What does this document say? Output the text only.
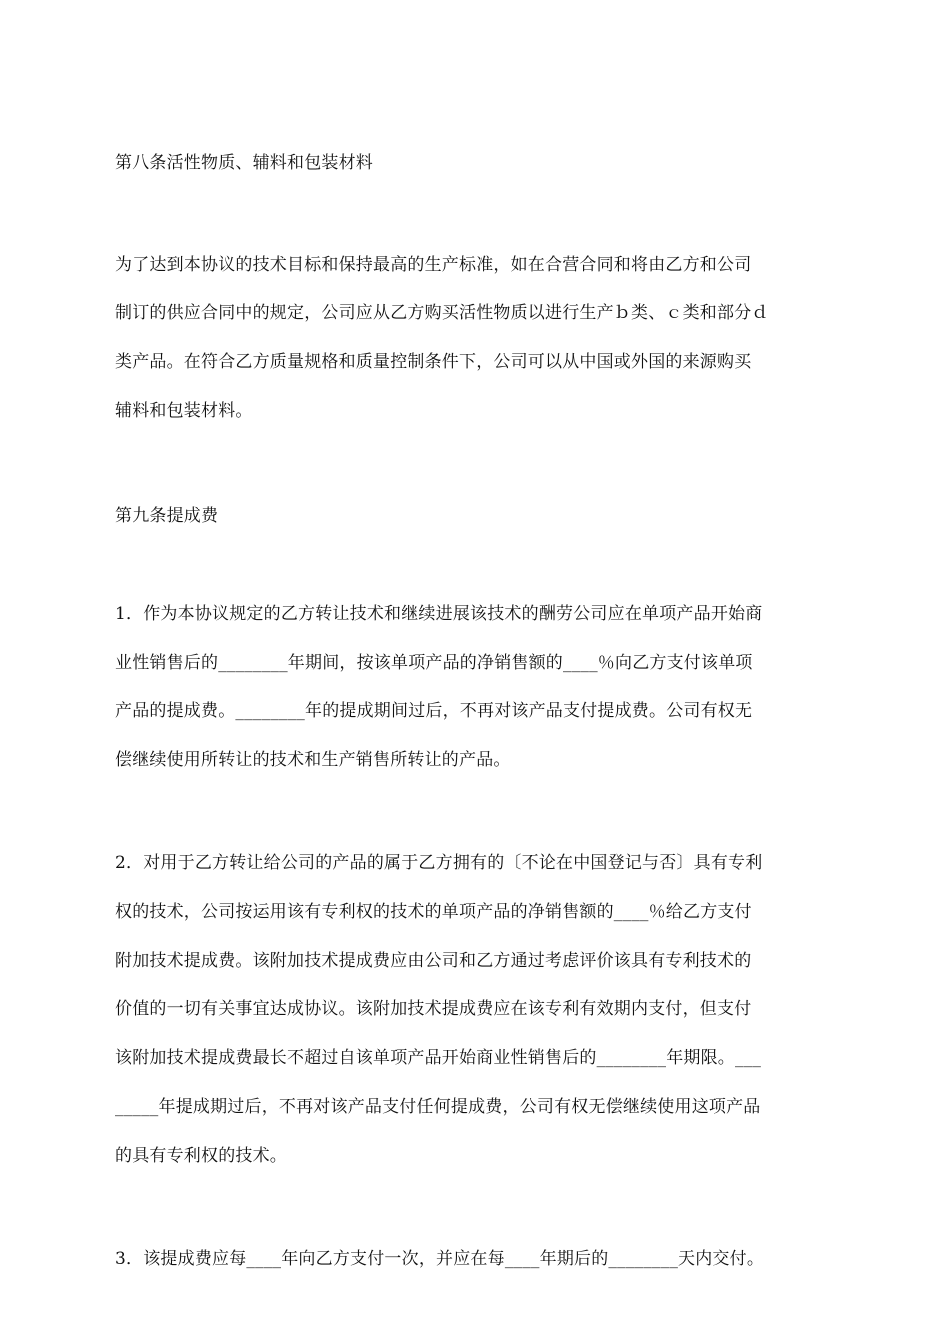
第八条活性物质、辅料和包装材料
为了达到本协议的技术目标和保持最高的生产标准，如在合营合同和将由乙方和公司
制订的供应合同中的规定，公司应从乙方购买活性物质以进行生产ｂ类、ｃ类和部分ｄ
类产品。在符合乙方质量规格和质量控制条件下，公司可以从中国或外国的来源购买
辅料和包装材料。
第九条提成费
1．作为本协议规定的乙方转让技术和继续进展该技术的酬劳公司应在单项产品开始商
业性销售后的________年期间，按该单项产品的净销售额的____％向乙方支付该单项
产品的提成费。________年的提成期间过后，不再对该产品支付提成费。公司有权无
偿继续使用所转让的技术和生产销售所转让的产品。
2．对用于乙方转让给公司的产品的属于乙方拥有的〔不论在中国登记与否〕具有专利
权的技术，公司按运用该有专利权的技术的单项产品的净销售额的____％给乙方支付
附加技术提成费。该附加技术提成费应由公司和乙方通过考虑评价该具有专利技术的
价值的一切有关事宜达成协议。该附加技术提成费应在该专利有效期内支付，但支付
该附加技术提成费最长不超过自该单项产品开始商业性销售后的________年期限。___
_____年提成期过后，不再对该产品支付任何提成费，公司有权无偿继续使用这项产品
的具有专利权的技术。
3．该提成费应每____年向乙方支付一次，并应在每____年期后的________天内交付。
